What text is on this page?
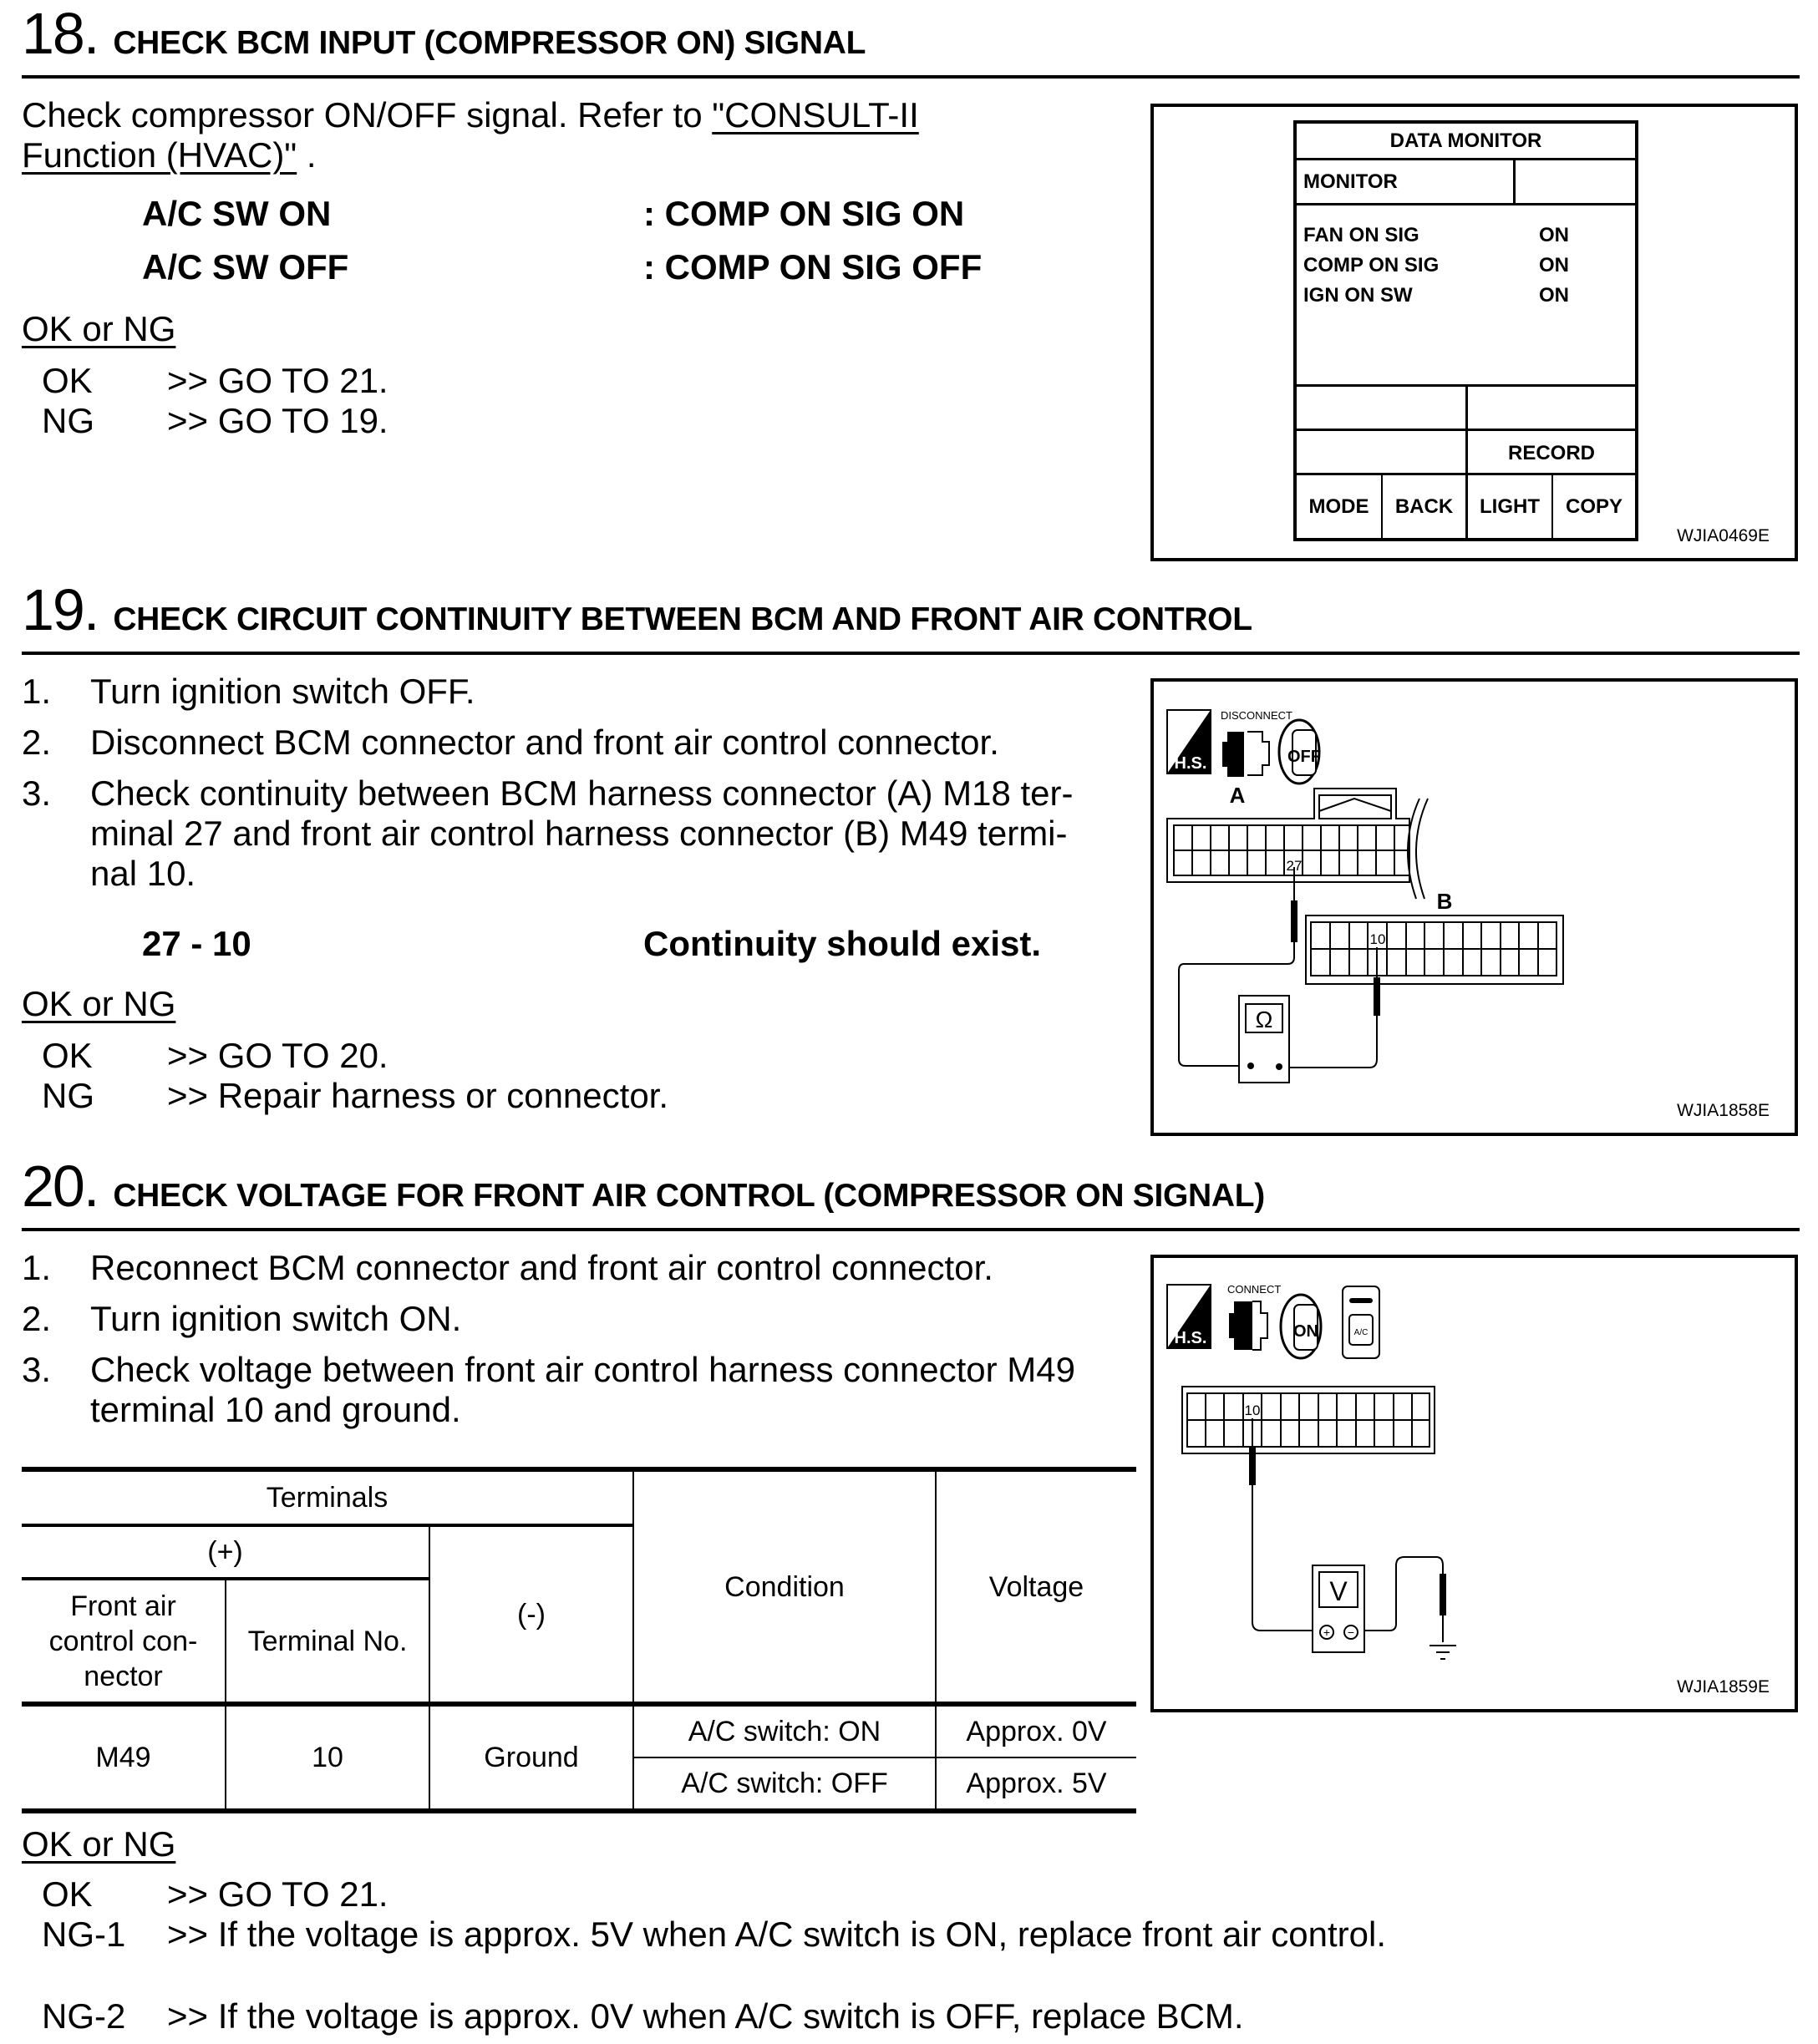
18. CHECK BCM INPUT (COMPRESSOR ON) SIGNAL
Check compressor ON/OFF signal. Refer to "CONSULT-II
Function (HVAC)" .
A/C SW ON	: COMP ON SIG ON
A/C SW OFF	: COMP ON SIG OFF
OK or NG
OK >> GO TO 21.
NG >> GO TO 19.
DATA MONITOR
MONITOR
FAN ON SIG	ON
COMP ON SIG	ON
IGN ON SW	ON
RECORD
MODE	BACK	LIGHT	COPY
WJIA0469E
19. CHECK CIRCUIT CONTINUITY BETWEEN BCM AND FRONT AIR CONTROL
1. Turn ignition switch OFF.
2. Disconnect BCM connector and front air control connector.
3. Check continuity between BCM harness connector (A) M18 ter-
minal 27 and front air control harness connector (B) M49 termi-
nal 10.
27 - 10	Continuity should exist.
OK or NG
OK >> GO TO 20.
NG >> Repair harness or connector.
H.S.
DISCONNECT
OFF
A
27
B
10
Ω
WJIA1858E
20. CHECK VOLTAGE FOR FRONT AIR CONTROL (COMPRESSOR ON SIGNAL)
1. Reconnect BCM connector and front air control connector.
2. Turn ignition switch ON.
3. Check voltage between front air control harness connector M49
terminal 10 and ground.
Terminals			Condition	Voltage
(+)		(-)		
Front air control con- nector	Terminal No.			
M49	10	Ground	A/C switch: ON	Approx. 0V
			A/C switch: OFF	Approx. 5V
OK or NG
OK >> GO TO 21.
NG-1 >> If the voltage is approx. 5V when A/C switch is ON, replace front air control.
NG-2 >> If the voltage is approx. 0V when A/C switch is OFF, replace BCM.
H.S.
CONNECT
ON	A/C
10
V
+ −
WJIA1859E
